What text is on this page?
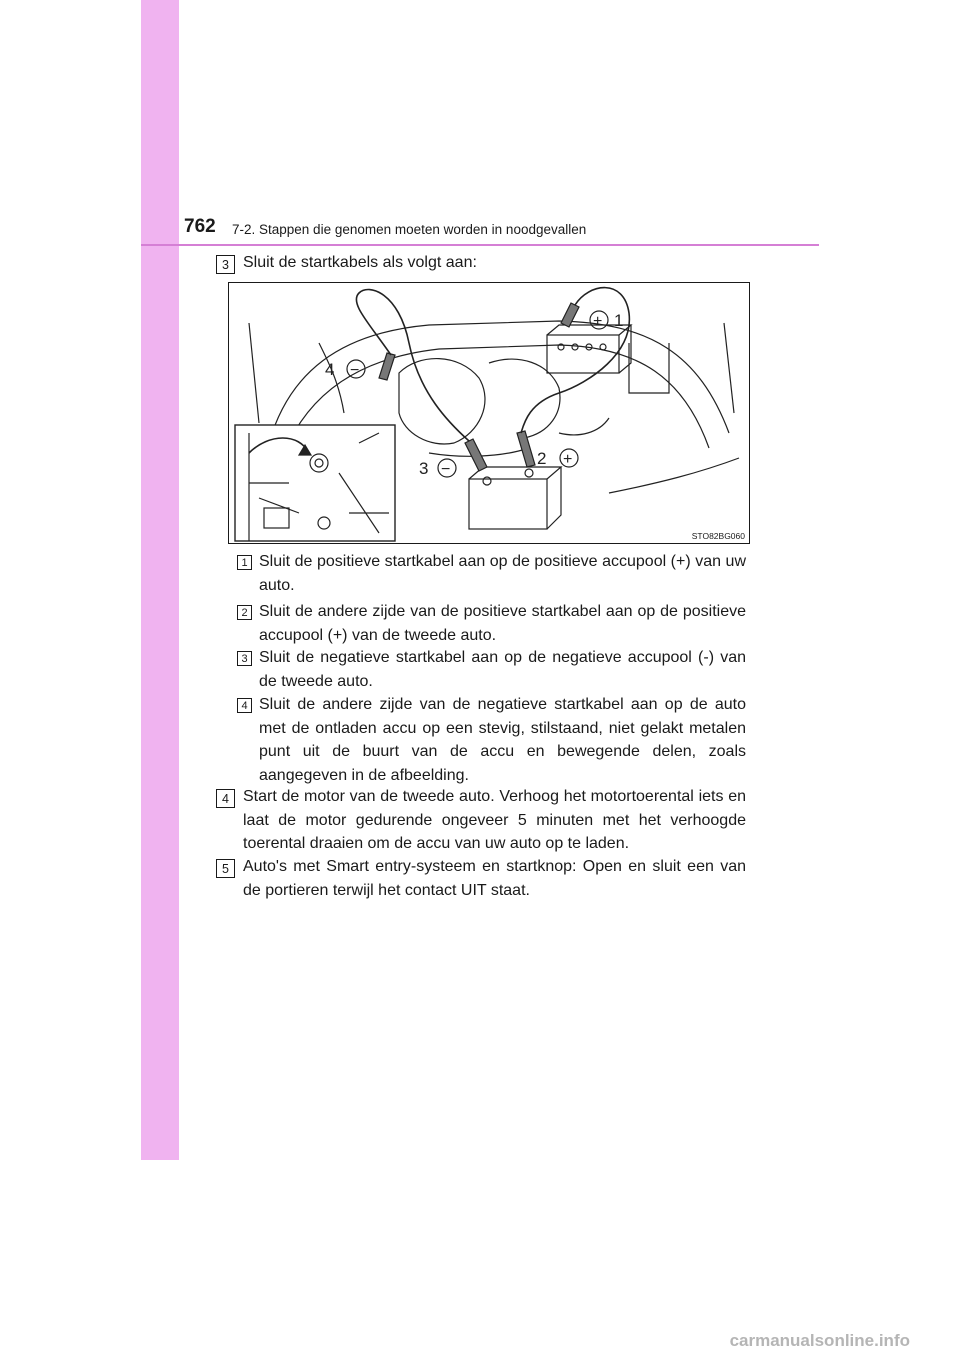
762 7-2. Stappen die genomen moeten worden in noodgevallen
3 Sluit de startkabels als volgt aan:
1
2
3
4
+
+
−
−
STO82BG060
1 Sluit de positieve startkabel aan op de positieve accupool (+) van uw auto.
2 Sluit de andere zijde van de positieve startkabel aan op de positieve accupool (+) van de tweede auto.
3 Sluit de negatieve startkabel aan op de negatieve accupool (-) van de tweede auto.
4 Sluit de andere zijde van de negatieve startkabel aan op de auto met de ontladen accu op een stevig, stilstaand, niet gelakt metalen punt uit de buurt van de accu en bewegende delen, zoals aangegeven in de afbeelding.
4 Start de motor van de tweede auto. Verhoog het motortoerental iets en laat de motor gedurende ongeveer 5 minuten met het verhoogde toerental draaien om de accu van uw auto op te laden.
5 Auto's met Smart entry-systeem en startknop: Open en sluit een van de portieren terwijl het contact UIT staat.
carmanualsonline.info
